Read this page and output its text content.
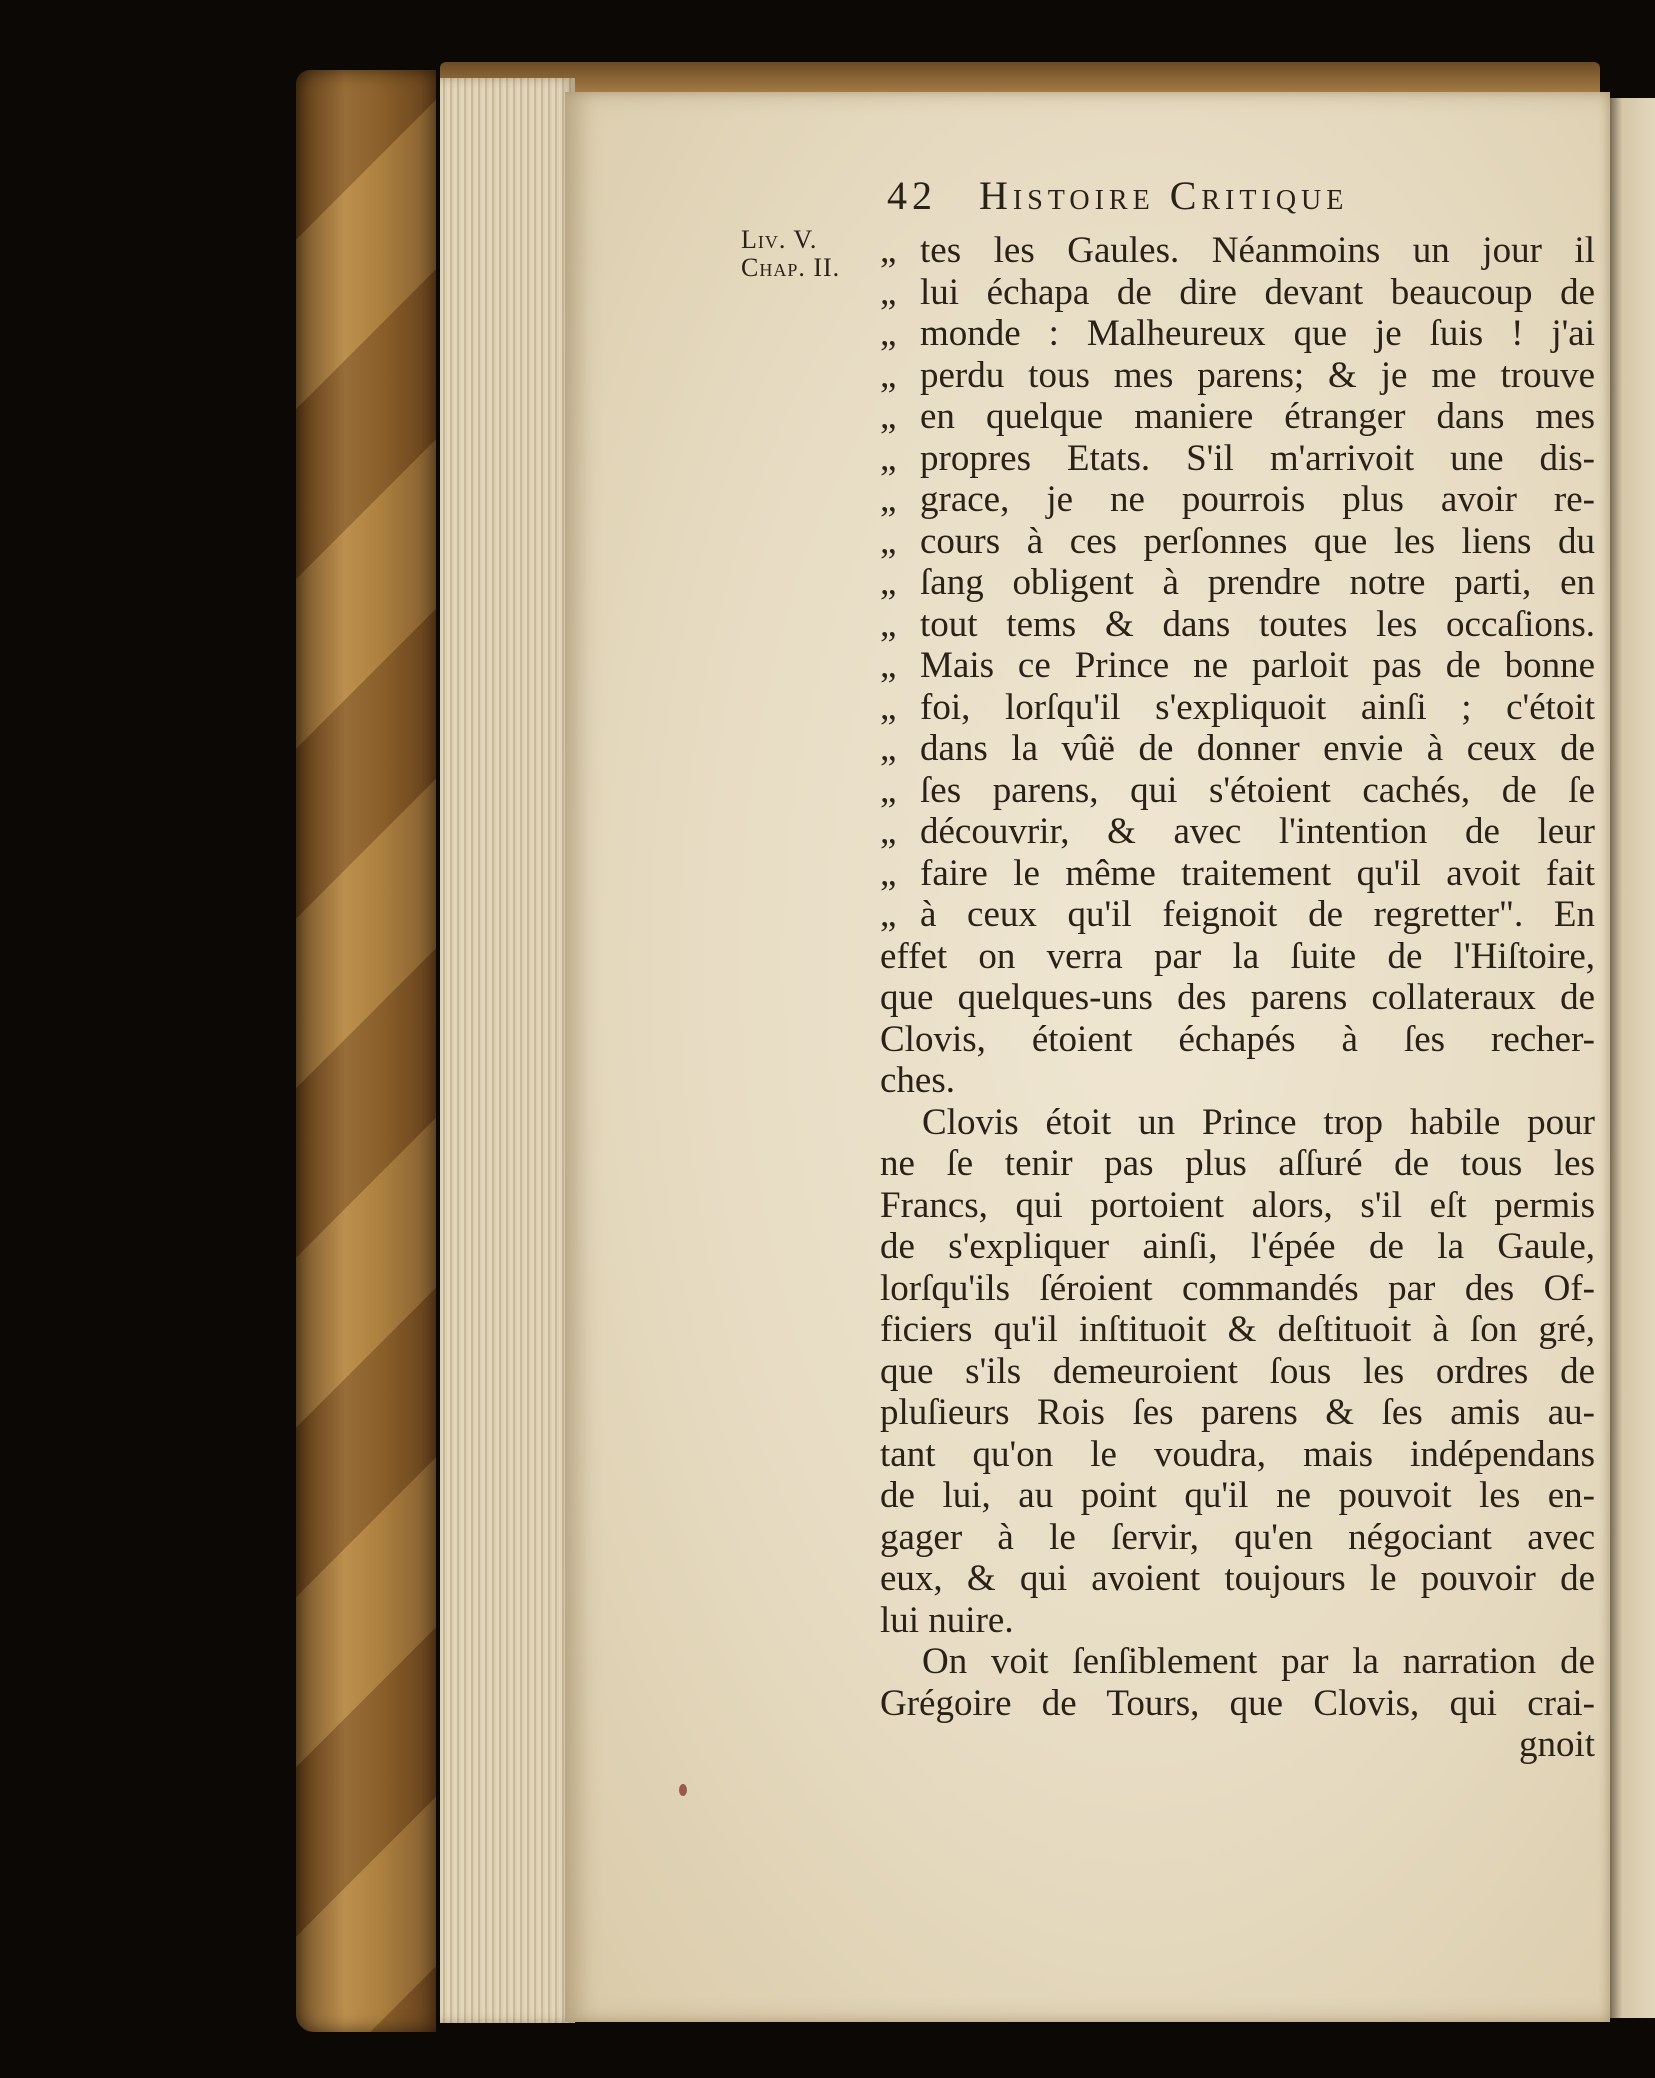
42 Histoire Critique
Liv. V.
Chap. II.	„ tes les Gaules. Néanmoins un jour il
„ lui échapa de dire devant beaucoup de
„ monde : Malheureux que je ſuis ! j'ai
„ perdu tous mes parens; & je me trouve
„ en quelque maniere étranger dans mes
„ propres Etats. S'il m'arrivoit une dis-
„ grace, je ne pourrois plus avoir re-
„ cours à ces perſonnes que les liens du
„ ſang obligent à prendre notre parti, en
„ tout tems & dans toutes les occaſions.
„ Mais ce Prince ne parloit pas de bonne
„ foi, lorſqu'il s'expliquoit ainſi ; c'étoit
„ dans la vûë de donner envie à ceux de
„ ſes parens, qui s'étoient cachés, de ſe
„ découvrir, & avec l'intention de leur
„ faire le même traitement qu'il avoit fait
„ à ceux qu'il feignoit de regretter". En
effet on verra par la ſuite de l'Hiſtoire,
que quelques-uns des parens collateraux de
Clovis, étoient échapés à ſes recher-
ches.
Clovis étoit un Prince trop habile pour
ne ſe tenir pas plus aſſuré de tous les
Francs, qui portoient alors, s'il eſt permis
de s'expliquer ainſi, l'épée de la Gaule,
lorſqu'ils ſéroient commandés par des Of-
ficiers qu'il inſtituoit & deſtituoit à ſon gré,
que s'ils demeuroient ſous les ordres de
pluſieurs Rois ſes parens & ſes amis au-
tant qu'on le voudra, mais indépendans
de lui, au point qu'il ne pouvoit les en-
gager à le ſervir, qu'en négociant avec
eux, & qui avoient toujours le pouvoir de
lui nuire.
On voit ſenſiblement par la narration de
Grégoire de Tours, que Clovis, qui crai-
gnoit
